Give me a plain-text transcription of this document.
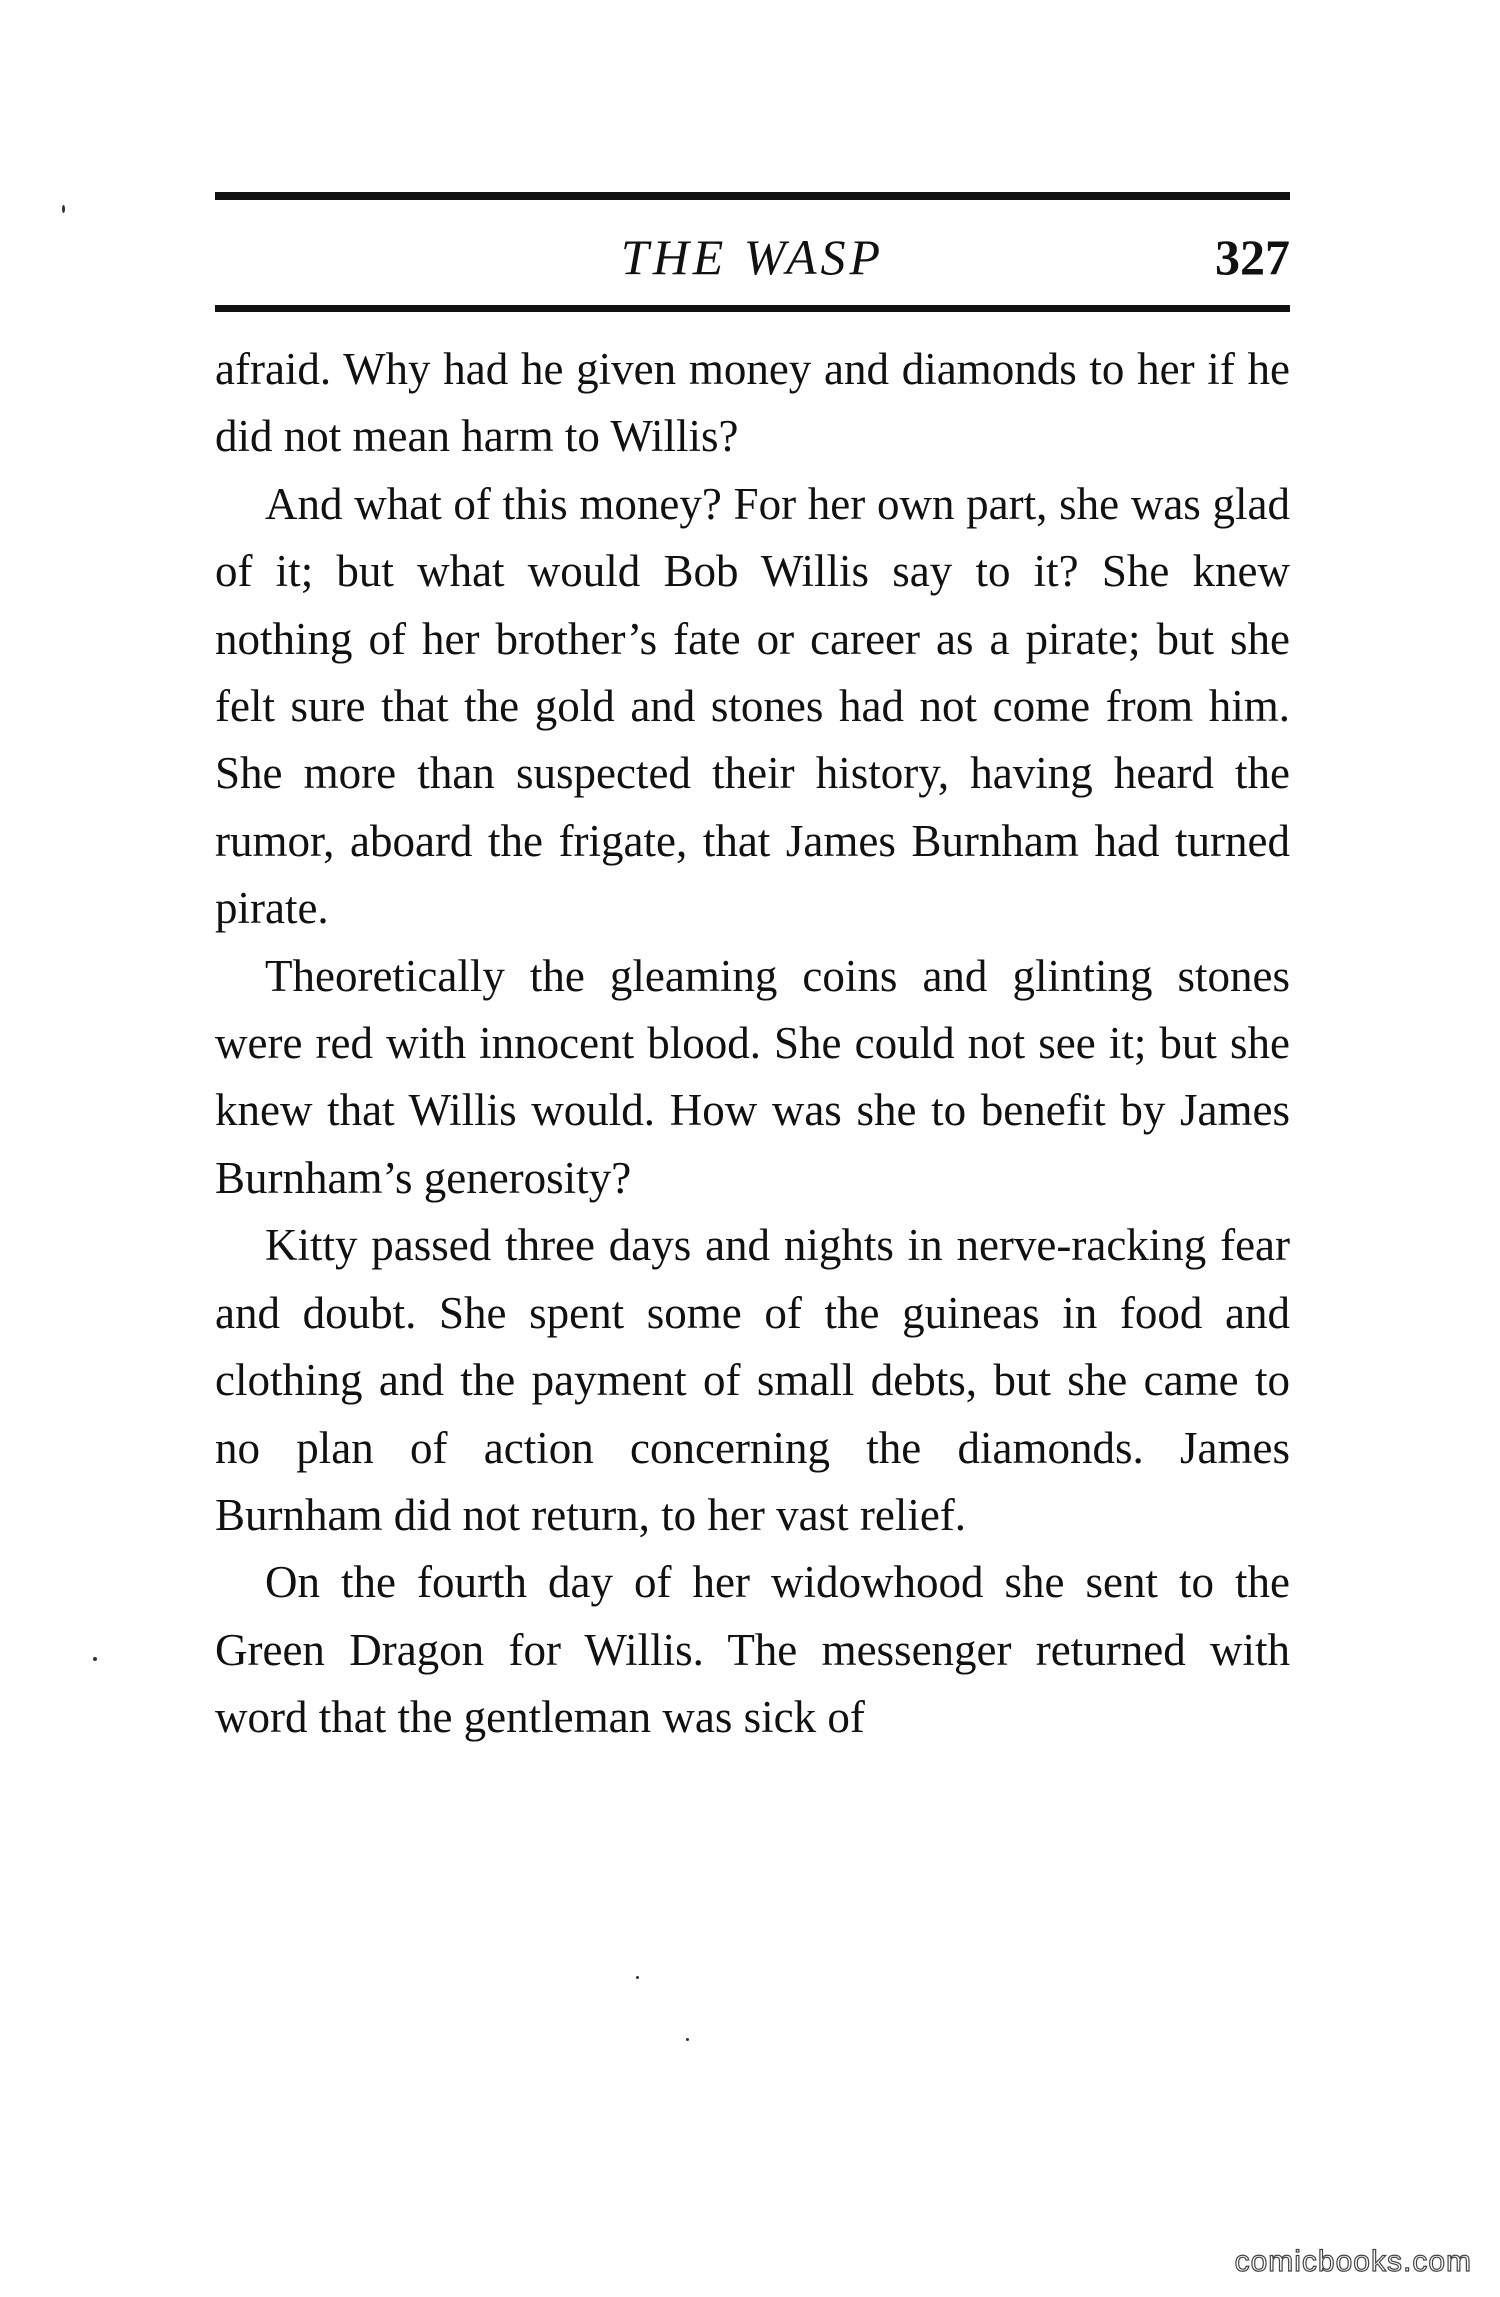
THE WASP	327

afraid. Why had he given money and diamonds to her if he did not mean harm to Willis?

And what of this money? For her own part, she was glad of it; but what would Bob Willis say to it? She knew nothing of her brother’s fate or career as a pirate; but she felt sure that the gold and stones had not come from him. She more than suspected their history, having heard the rumor, aboard the frigate, that James Burnham had turned pirate.

Theoretically the gleaming coins and glinting stones were red with innocent blood. She could not see it; but she knew that Willis would. How was she to benefit by James Burnham’s generosity?

Kitty passed three days and nights in nerve-racking fear and doubt. She spent some of the guineas in food and clothing and the payment of small debts, but she came to no plan of action concerning the diamonds. James Burnham did not return, to her vast relief.

On the fourth day of her widowhood she sent to the Green Dragon for Willis. The messenger returned with word that the gentleman was sick of

comicbooks.com
